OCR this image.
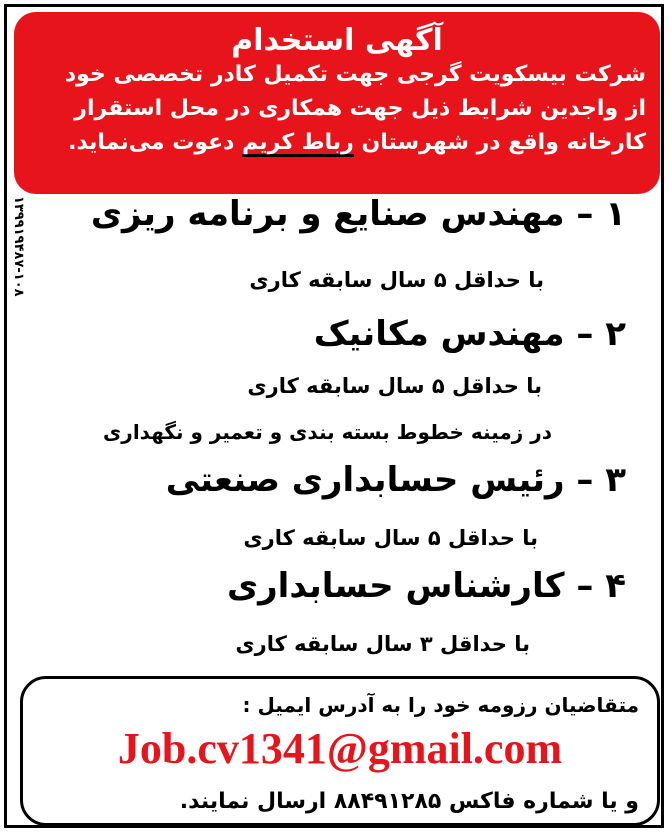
آگهی استخدام
شرکت بیسکویت گرجی جهت تکمیل کادر تخصصی خود
از واجدین شرایط ذیل جهت همکاری در محل استقرار
کارخانه واقع در شهرستان رباط کریم دعوت می‌نماید.
۱۳۹۹۱۹۴۸۷-۱۰۸ ۱ – مهندس صنایع و برنامه ریزی
با حداقل ۵ سال سابقه کاری
۲ – مهندس مکانیک
با حداقل ۵ سال سابقه کاری
در زمینه خطوط بسته بندی و تعمیر و نگهداری
۳ – رئیس حسابداری صنعتی
با حداقل ۵ سال سابقه کاری
۴ – کارشناس حسابداری
با حداقل ۳ سال سابقه کاری
متقاضیان رزومه خود را به آدرس ایمیل :
Job.cv1341@gmail.com
و یا شماره فاکس ۸۸۴۹۱۲۸۵ ارسال نمایند.
